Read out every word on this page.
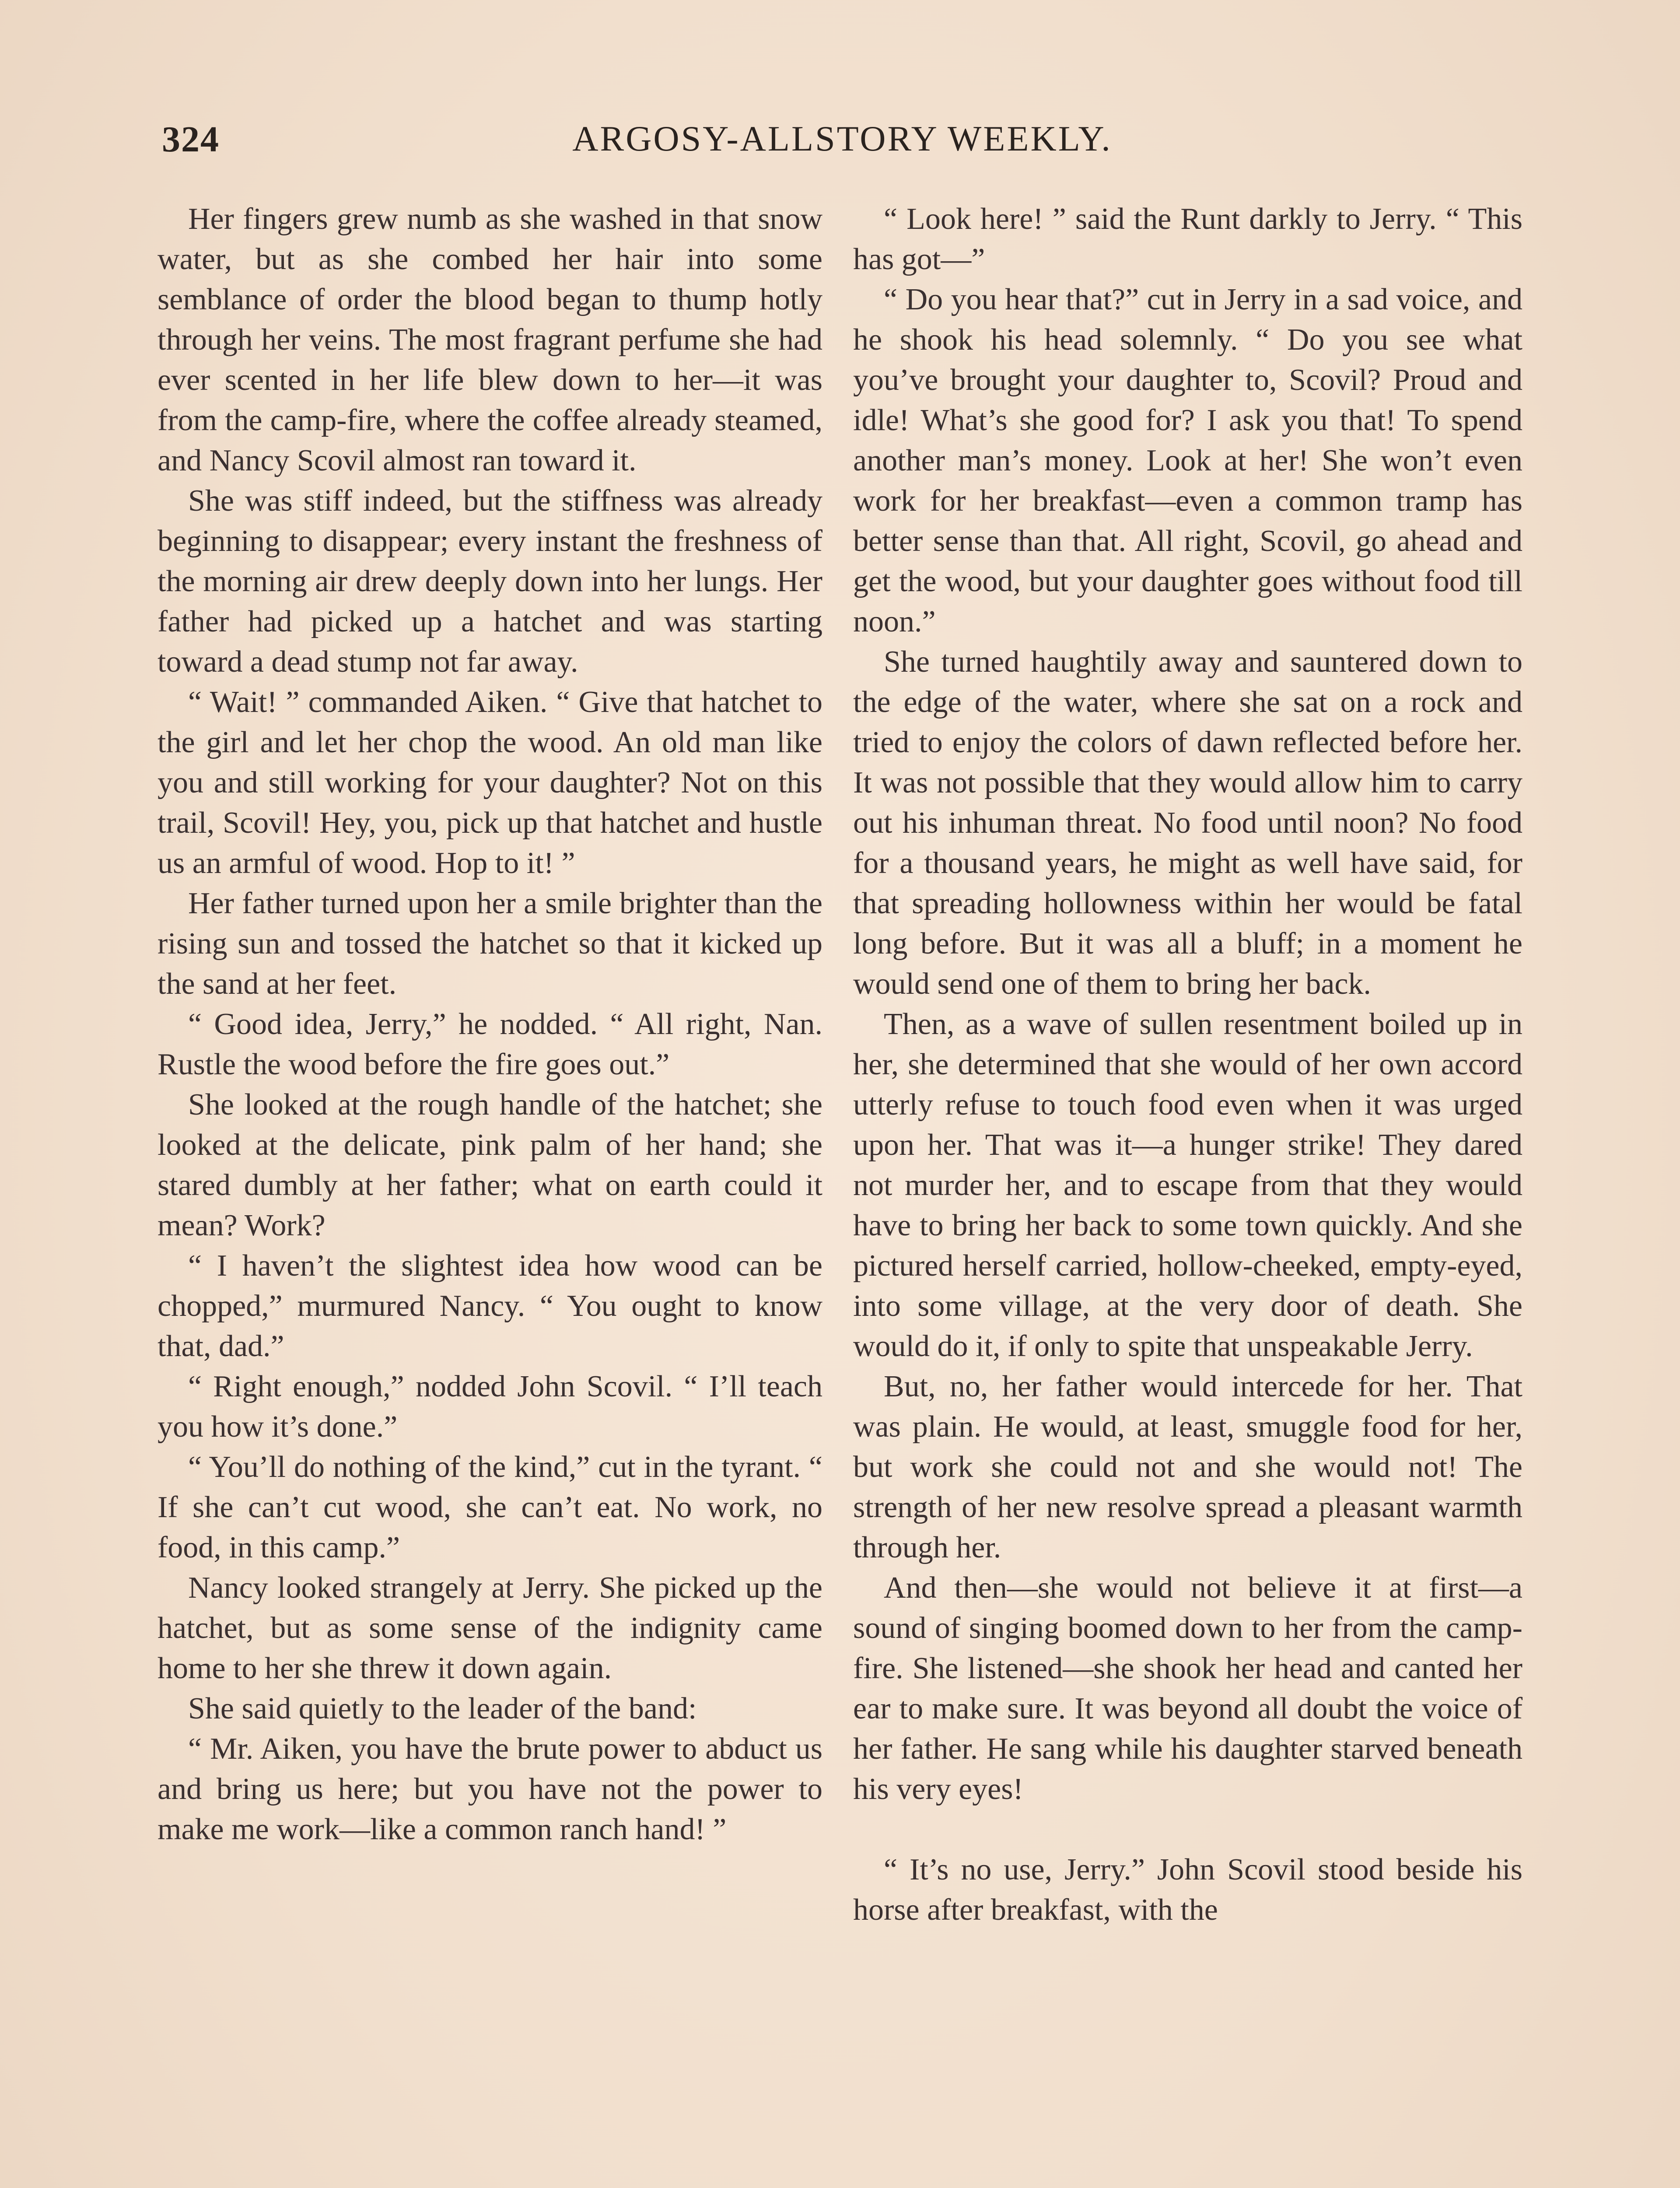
324	ARGOSY-ALLSTORY WEEKLY.

Her fingers grew numb as she washed in that snow water, but as she combed her hair into some semblance of order the blood began to thump hotly through her veins. The most fragrant perfume she had ever scented in her life blew down to her—it was from the camp-fire, where the coffee already steamed, and Nancy Scovil almost ran toward it.

She was stiff indeed, but the stiffness was already beginning to disappear; every instant the freshness of the morning air drew deeply down into her lungs. Her father had picked up a hatchet and was starting toward a dead stump not far away.

“ Wait! ” commanded Aiken. “ Give that hatchet to the girl and let her chop the wood. An old man like you and still working for your daughter? Not on this trail, Scovil! Hey, you, pick up that hatchet and hustle us an armful of wood. Hop to it! ”

Her father turned upon her a smile brighter than the rising sun and tossed the hatchet so that it kicked up the sand at her feet.

“ Good idea, Jerry,” he nodded. “ All right, Nan. Rustle the wood before the fire goes out.”

She looked at the rough handle of the hatchet; she looked at the delicate, pink palm of her hand; she stared dumbly at her father; what on earth could it mean? Work?

“ I haven’t the slightest idea how wood can be chopped,” murmured Nancy. “ You ought to know that, dad.”

“ Right enough,” nodded John Scovil. “ I’ll teach you how it’s done.”

“ You’ll do nothing of the kind,” cut in the tyrant. “ If she can’t cut wood, she can’t eat. No work, no food, in this camp.”

Nancy looked strangely at Jerry. She picked up the hatchet, but as some sense of the indignity came home to her she threw it down again.

She said quietly to the leader of the band:

“ Mr. Aiken, you have the brute power to abduct us and bring us here; but you have not the power to make me work—like a common ranch hand! ”

“ Look here! ” said the Runt darkly to Jerry. “ This has got—”

“ Do you hear that?” cut in Jerry in a sad voice, and he shook his head solemnly. “ Do you see what you’ve brought your daughter to, Scovil? Proud and idle! What’s she good for? I ask you that! To spend another man’s money. Look at her! She won’t even work for her breakfast—even a common tramp has better sense than that. All right, Scovil, go ahead and get the wood, but your daughter goes without food till noon.”

She turned haughtily away and sauntered down to the edge of the water, where she sat on a rock and tried to enjoy the colors of dawn reflected before her. It was not possible that they would allow him to carry out his inhuman threat. No food until noon? No food for a thousand years, he might as well have said, for that spreading hollowness within her would be fatal long before. But it was all a bluff; in a moment he would send one of them to bring her back.

Then, as a wave of sullen resentment boiled up in her, she determined that she would of her own accord utterly refuse to touch food even when it was urged upon her. That was it—a hunger strike! They dared not murder her, and to escape from that they would have to bring her back to some town quickly. And she pictured herself carried, hollow-cheeked, empty-eyed, into some village, at the very door of death. She would do it, if only to spite that unspeakable Jerry.

But, no, her father would intercede for her. That was plain. He would, at least, smuggle food for her, but work she could not and she would not! The strength of her new resolve spread a pleasant warmth through her.

And then—she would not believe it at first—a sound of singing boomed down to her from the camp-fire. She listened—she shook her head and canted her ear to make sure. It was beyond all doubt the voice of her father. He sang while his daughter starved beneath his very eyes!

“ It’s no use, Jerry.” John Scovil stood beside his horse after breakfast, with the
